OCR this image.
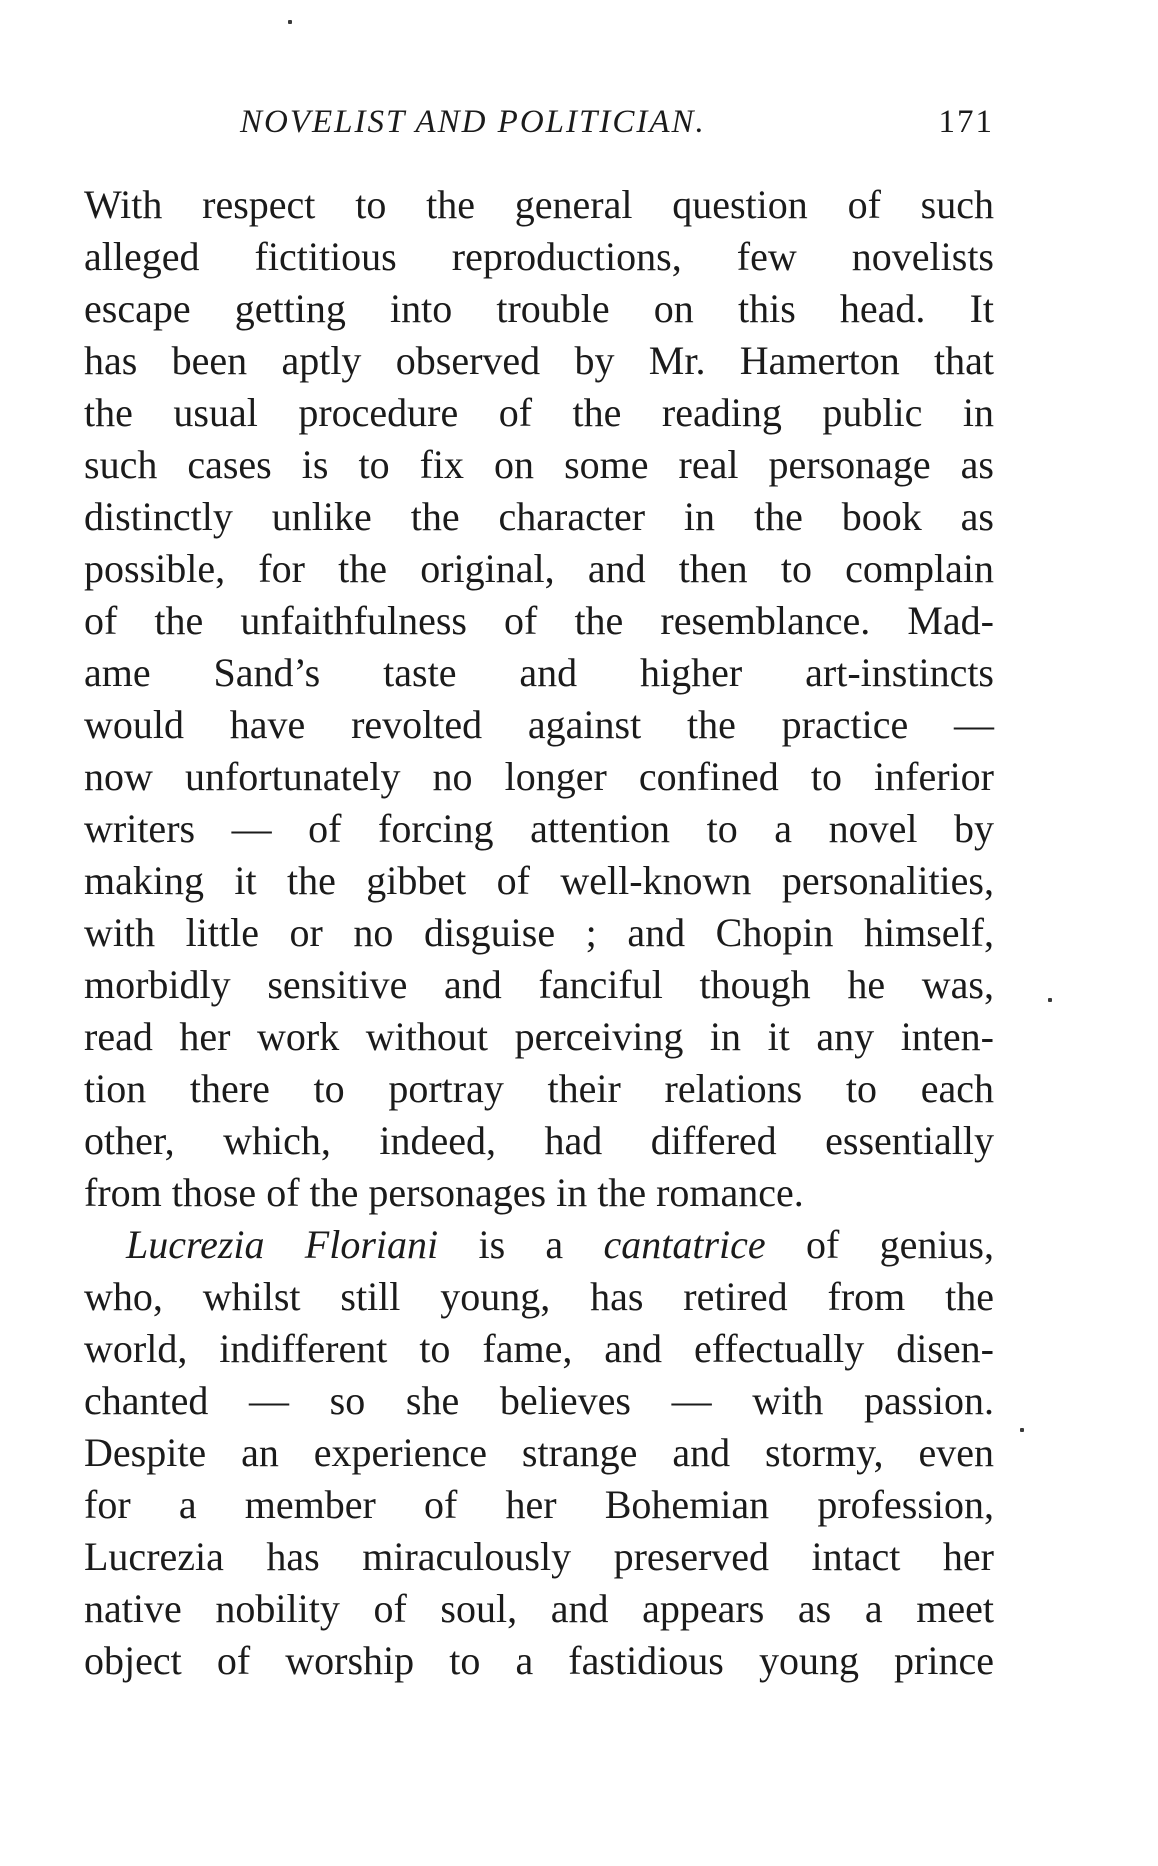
NOVELIST AND POLITICIAN.	171
With respect to the general question of such
alleged fictitious reproductions, few novelists
escape getting into trouble on this head. It
has been aptly observed by Mr. Hamerton that
the usual procedure of the reading public in
such cases is to fix on some real personage as
distinctly unlike the character in the book as
possible, for the original, and then to complain
of the unfaithfulness of the resemblance. Mad-
ame Sand’s taste and higher art-instincts
would have revolted against the practice —
now unfortunately no longer confined to inferior
writers — of forcing attention to a novel by
making it the gibbet of well-known personalities,
with little or no disguise ; and Chopin himself,
morbidly sensitive and fanciful though he was,
read her work without perceiving in it any inten-
tion there to portray their relations to each
other, which, indeed, had differed essentially
from those of the personages in the romance.
Lucrezia Floriani is a cantatrice of genius,
who, whilst still young, has retired from the
world, indifferent to fame, and effectually disen-
chanted — so she believes — with passion.
Despite an experience strange and stormy, even
for a member of her Bohemian profession,
Lucrezia has miraculously preserved intact her
native nobility of soul, and appears as a meet
object of worship to a fastidious young prince
